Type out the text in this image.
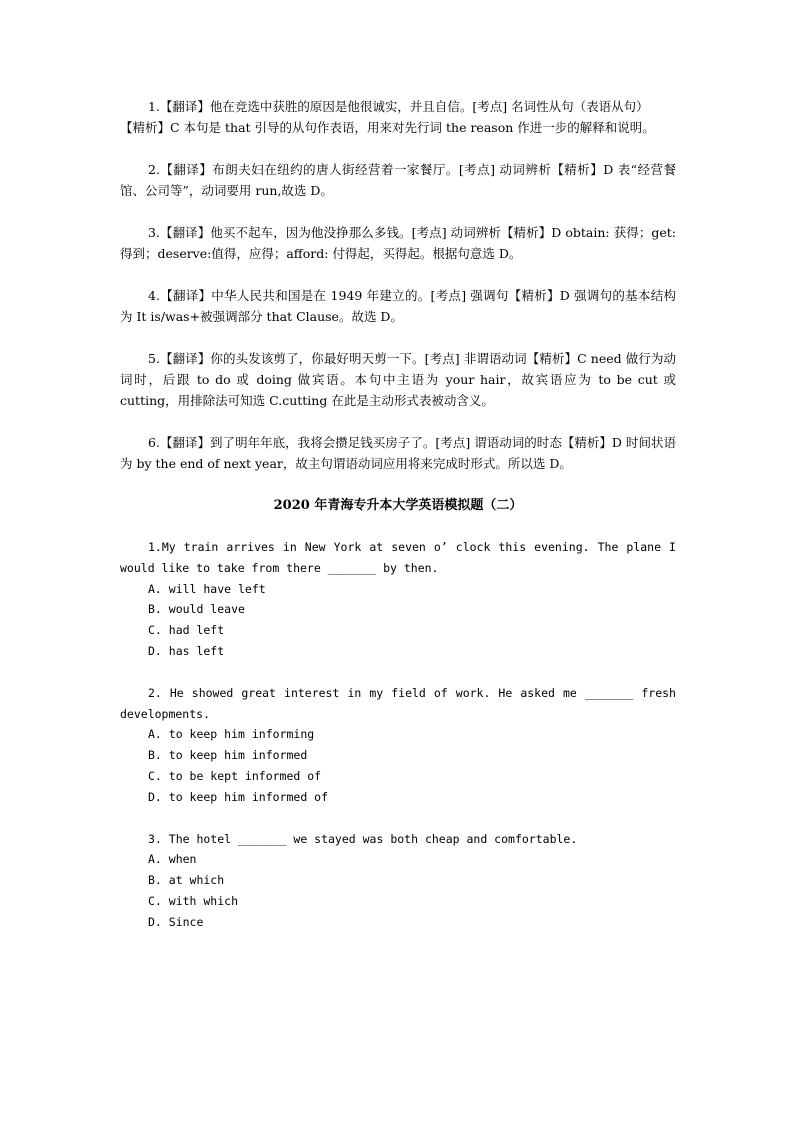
1.【翻译】他在竞选中获胜的原因是他很诚实，并且自信。[考点] 名词性从句（表语从句）

【精析】C 本句是 that 引导的从句作表语，用来对先行词 the reason 作进一步的解释和说明。

2.【翻译】布朗夫妇在纽约的唐人街经营着一家餐厅。[考点] 动词辨析【精析】D 表“经营餐馆、公司等”，动词要用 run,故选 D。

3.【翻译】他买不起车，因为他没挣那么多钱。[考点] 动词辨析【精析】D obtain: 获得；get: 得到；deserve:值得，应得；afford: 付得起，买得起。根据句意选 D。

4.【翻译】中华人民共和国是在 1949 年建立的。[考点] 强调句【精析】D 强调句的基本结构为 It is/was+被强调部分 that Clause。故选 D。

5.【翻译】你的头发该剪了，你最好明天剪一下。[考点] 非谓语动词【精析】C need 做行为动词时，后跟 to do 或 doing 做宾语。本句中主语为 your hair，故宾语应为 to be cut 或 cutting，用排除法可知选 C.cutting 在此是主动形式表被动含义。

6.【翻译】到了明年年底，我将会攒足钱买房子了。[考点] 谓语动词的时态【精析】D 时间状语为 by the end of next year，故主句谓语动词应用将来完成时形式。所以选 D。

2020 年青海专升本大学英语模拟题（二）

1.My train arrives in New York at seven o’ clock this evening. The plane I would like to take from there _______ by then.

A. will have left

B. would leave

C. had left

D. has left

2. He showed great interest in my field of work. He asked me _______ fresh developments.

A. to keep him informing

B. to keep him informed

C. to be kept informed of

D. to keep him informed of

3. The hotel _______ we stayed was both cheap and comfortable.

A. when

B. at which

C. with which

D. Since
